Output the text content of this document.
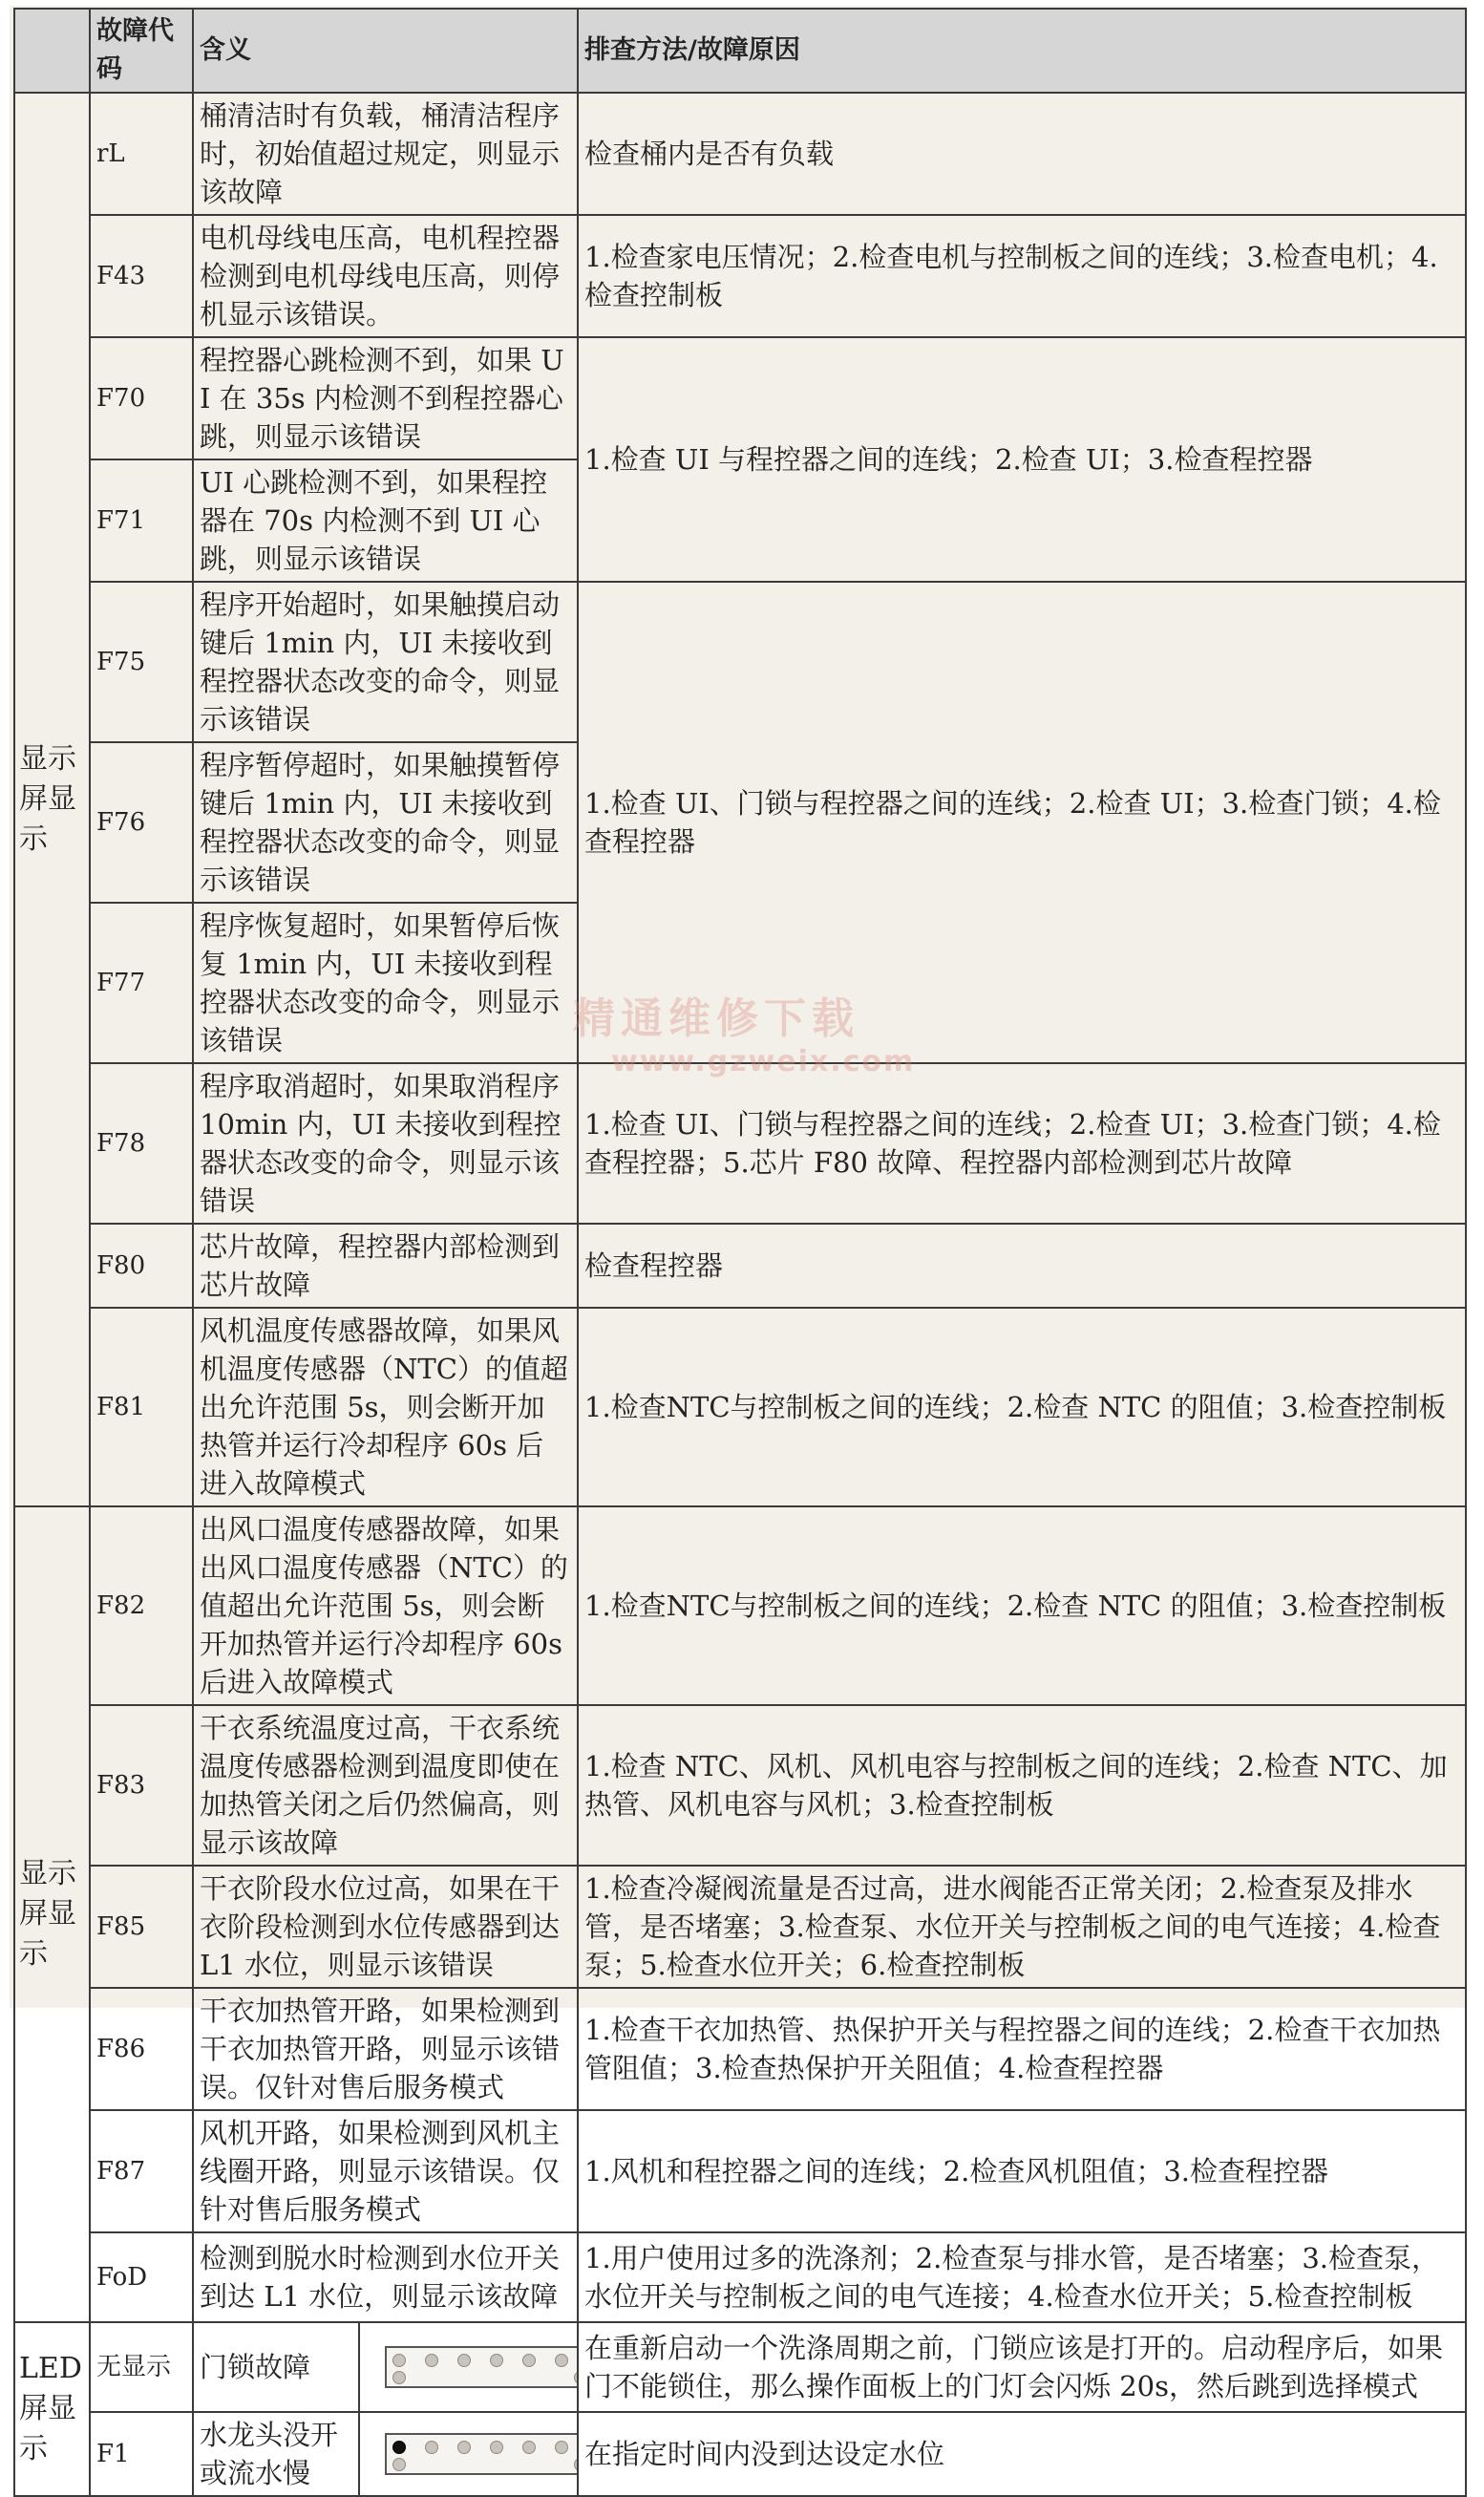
	故障代码	含义		排查方法/故障原因
显示屏显示	rL	桶清洁时有负载，桶清洁程序时，初始值超过规定，则显示该故障		检查桶内是否有负载
	F43	电机母线电压高，电机程控器检测到电机母线电压高，则停机显示该错误。		1.检查家电压情况；2.检查电机与控制板之间的连线；3.检查电机；4.检查控制板
	F70	程控器心跳检测不到，如果 UI 在 35s 内检测不到程控器心跳，则显示该错误		1.检查 UI 与程控器之间的连线；2.检查 UI；3.检查程控器
	F71	UI 心跳检测不到，如果程控器在 70s 内检测不到 UI 心跳，则显示该错误		
	F75	程序开始超时，如果触摸启动键后 1min 内，UI 未接收到程控器状态改变的命令，则显示该错误		1.检查 UI、门锁与程控器之间的连线；2.检查 UI；3.检查门锁；4.检查程控器
	F76	程序暂停超时，如果触摸暂停键后 1min 内，UI 未接收到程控器状态改变的命令，则显示该错误		
	F77	程序恢复超时，如果暂停后恢复 1min 内，UI 未接收到程控器状态改变的命令，则显示该错误		
	F78	程序取消超时，如果取消程序 10min 内，UI 未接收到程控器状态改变的命令，则显示该错误		1.检查 UI、门锁与程控器之间的连线；2.检查 UI；3.检查门锁；4.检查程控器；5.芯片 F80 故障、程控器内部检测到芯片故障
	F80	芯片故障，程控器内部检测到芯片故障		检查程控器
	F81	风机温度传感器故障，如果风机温度传感器（NTC）的值超出允许范围 5s，则会断开加热管并运行冷却程序 60s 后进入故障模式		1.检查NTC与控制板之间的连线；2.检查 NTC 的阻值；3.检查控制板
显示屏显示	F82	出风口温度传感器故障，如果出风口温度传感器（NTC）的值超出允许范围 5s，则会断开加热管并运行冷却程序 60s 后进入故障模式		1.检查NTC与控制板之间的连线；2.检查 NTC 的阻值；3.检查控制板
	F83	干衣系统温度过高，干衣系统温度传感器检测到温度即使在加热管关闭之后仍然偏高，则显示该故障		1.检查 NTC、风机、风机电容与控制板之间的连线；2.检查 NTC、加热管、风机电容与风机；3.检查控制板
	F85	干衣阶段水位过高，如果在干衣阶段检测到水位传感器到达 L1 水位，则显示该错误		1.检查冷凝阀流量是否过高，进水阀能否正常关闭；2.检查泵及排水管，是否堵塞；3.检查泵、水位开关与控制板之间的电气连接；4.检查泵；5.检查水位开关；6.检查控制板
	F86	干衣加热管开路，如果检测到干衣加热管开路，则显示该错误。仅针对售后服务模式		1.检查干衣加热管、热保护开关与程控器之间的连线；2.检查干衣加热管阻值；3.检查热保护开关阻值；4.检查程控器
	F87	风机开路，如果检测到风机主线圈开路，则显示该错误。仅针对售后服务模式		1.风机和程控器之间的连线；2.检查风机阻值；3.检查程控器
	FoD	检测到脱水时检测到水位开关到达 L1 水位，则显示该故障		1.用户使用过多的洗涤剂；2.检查泵与排水管，是否堵塞；3.检查泵，水位开关与控制板之间的电气连接；4.检查水位开关；5.检查控制板
LED 屏显示	无显示	门锁故障		在重新启动一个洗涤周期之前，门锁应该是打开的。启动程序后，如果门不能锁住，那么操作面板上的门灯会闪烁 20s，然后跳到选择模式
	F1	水龙头没开或流水慢		在指定时间内没到达设定水位
精通维修下载
www.gzweix.com
